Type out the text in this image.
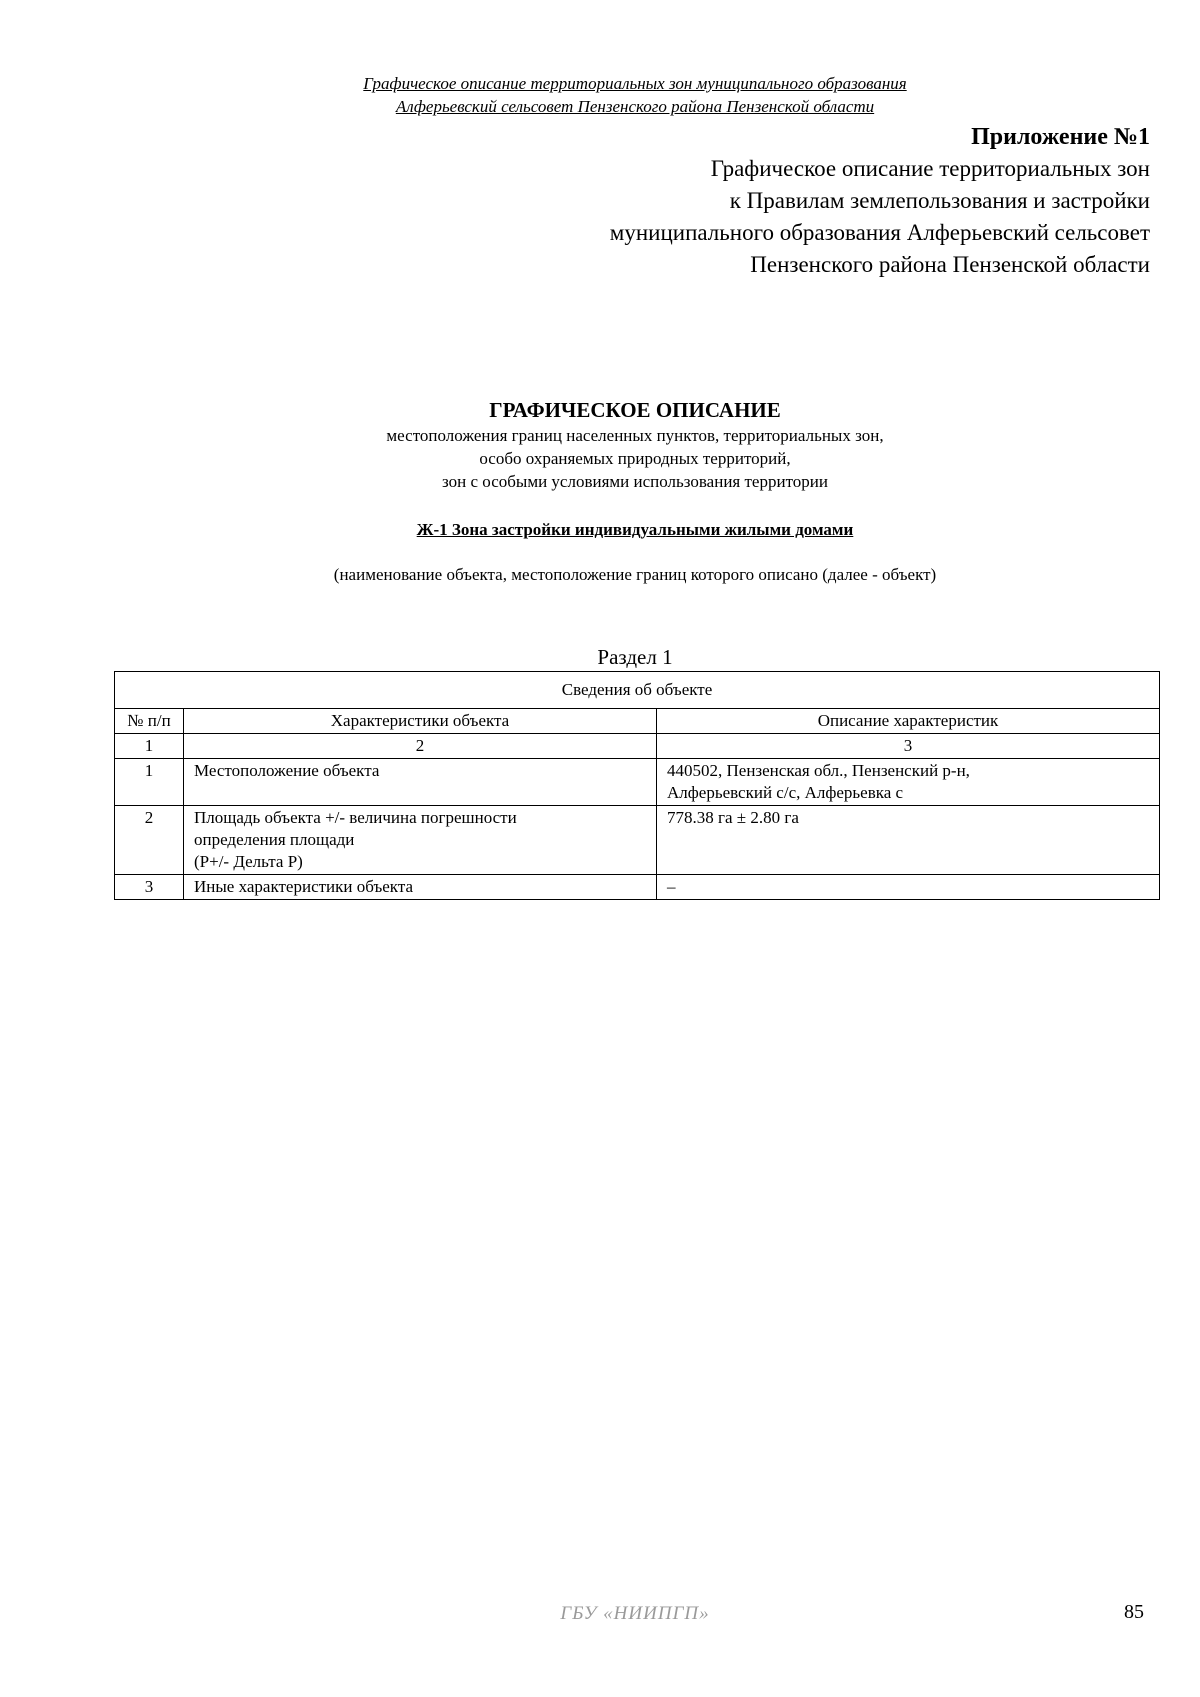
Графическое описание территориальных зон муниципального образования
Алферьевский сельсовет Пензенского района Пензенской области
Приложение №1
Графическое описание территориальных зон
к Правилам землепользования и застройки
муниципального образования Алферьевский сельсовет
Пензенского района Пензенской области
ГРАФИЧЕСКОЕ ОПИСАНИЕ
местоположения границ населенных пунктов, территориальных зон,
особо охраняемых природных территорий,
зон с особыми условиями использования территории
Ж-1 Зона застройки индивидуальными жилыми домами
(наименование объекта, местоположение границ которого описано (далее - объект)
Раздел 1
Сведения об объекте		
№ п/п	Характеристики объекта	Описание характеристик
1	2	3
1	Местоположение объекта	440502, Пензенская обл., Пензенский р-н,
Алферьевский с/с, Алферьевка с

2	Площадь объекта +/- величина погрешности
определения площади
(Р+/- Дельта Р)	778.38 га ± 2.80 га

3	Иные характеристики объекта	–
ГБУ «НИИПГП»	85
